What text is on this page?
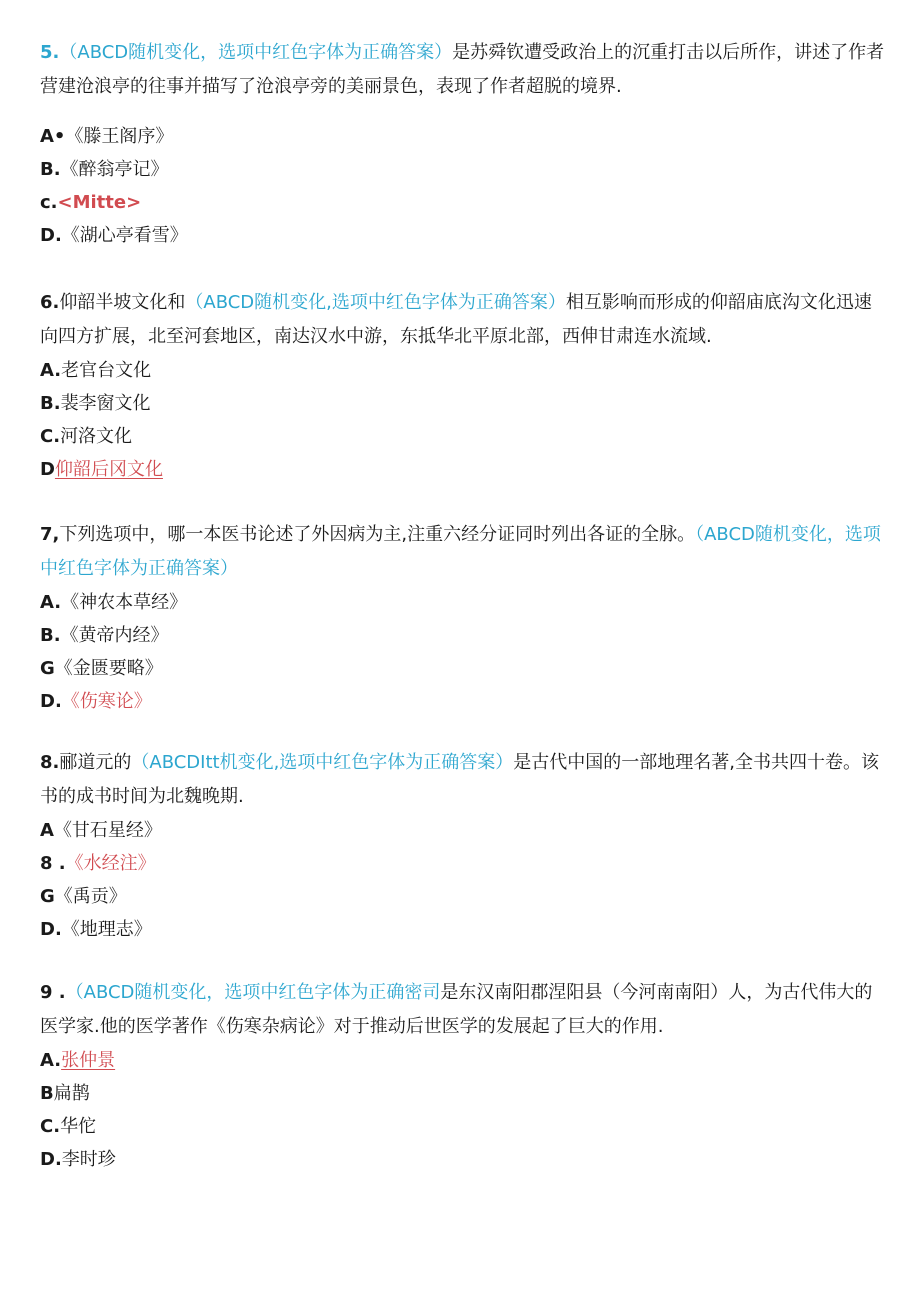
5.（ABCD随机变化，选项中红色字体为正确答案）是苏舜钦遭受政治上的沉重打击以后所作，讲述了作者营建沧浪亭的往事并描写了沧浪亭旁的美丽景色，表现了作者超脱的境界.

A•《滕王阁序》

B.《醉翁亭记》

c.<Mitte>

D.《湖心亭看雪》

6.仰韶半坡文化和（ABCD随机变化,选项中红色字体为正确答案）相互影响而形成的仰韶庙底沟文化迅速向四方扩展，北至河套地区，南达汉水中游，东抵华北平原北部，西伸甘肃连水流域.

A.老官台文化

B.裴李窗文化

C.河洛文化

D仰韶后冈文化

7,下列选项中，哪一本医书论述了外因病为主,注重六经分证同时列出各证的全脉。（ABCD随机变化，选项中红色字体为正确答案）

A.《神农本草经》

B.《黄帝内经》

G《金匮要略》

D.《伤寒论》

8.郦道元的（ABCDItt机变化,选项中红色字体为正确答案）是古代中国的一部地理名著,全书共四十卷。该书的成书时间为北魏晚期.

A《甘石星经》

8 .《水经注》

G《禹贡》

D.《地理志》

9 .（ABCD随机变化，选项中红色字体为正确密司是东汉南阳郡涅阳县（今河南南阳）人，为古代伟大的医学家.他的医学著作《伤寒杂病论》对于推动后世医学的发展起了巨大的作用.

A.张仲景

B扁鹊

C.华佗

D.李时珍
